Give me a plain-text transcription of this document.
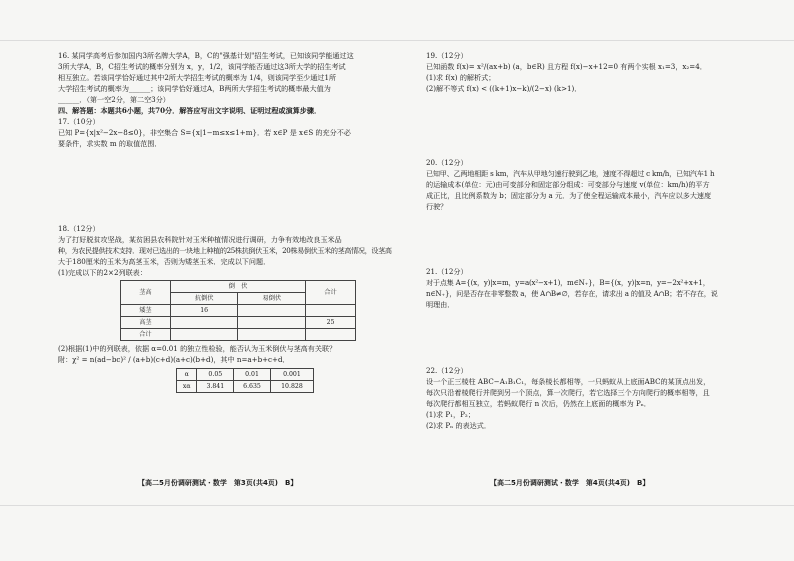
16. 某同学高考后参加国内3所名牌大学A，B，C的"强基计划"招生考试，已知该同学能通过这

3所大学A，B，C招生考试的概率分别为 x，y，1/2，该同学能否通过这3所大学的招生考试

相互独立。若该同学恰好通过其中2所大学招生考试的概率为 1/4，则该同学至少通过1所

大学招生考试的概率为______；该同学恰好通过A，B两所大学招生考试的概率最大值为

______．（第一空2分，第二空3分）

四、解答题：本题共6小题，共70分．解答应写出文字说明、证明过程或演算步骤．

17.（10分）

已知 P={x|x²−2x−8≤0}，非空集合 S={x|1−m≤x≤1+m}．若 x∈P 是 x∈S 的充分不必

要条件，求实数 m 的取值范围．

18.（12分）

为了打好脱贫攻坚战，某贫困县农科院针对玉米种植情况进行调研，力争有效地改良玉米品

种，为农民提供技术支持．现对已选出的一块地上种植的25株抗倒伏玉米，20株易倒伏玉米的茎高情况，设茎高

大于180厘米的玉米为高茎玉米，否则为矮茎玉米．完成以下问题．

(1)完成以下的2×2列联表：

茎高	倒　伏		合计
	抗倒伏	易倒伏	
矮茎	16		
高茎			25
合计			

(2)根据(1)中的列联表，依据 α=0.01 的独立性检验，能否认为玉米倒伏与茎高有关联？

附：χ² = n(ad−bc)² / (a+b)(c+d)(a+c)(b+d)，其中 n=a+b+c+d．

α	0.05	0.01	0.001
xα	3.841	6.635	10.828

19.（12分）

已知函数 f(x)= x²/(ax+b) (a，b∈R) 且方程 f(x)−x+12=0 有两个实根 x₁=3，x₂=4．

(1)求 f(x) 的解析式；

(2)解不等式 f(x) < ((k+1)x−k)/(2−x) (k>1)．

20.（12分）

已知甲、乙两地相距 s km，汽车从甲地匀速行驶到乙地，速度不得超过 c km/h，已知汽车1 h

的运输成本(单位：元)由可变部分和固定部分组成：可变部分与速度 v(单位：km/h)的平方

成正比，且比例系数为 b；固定部分为 a 元．为了使全程运输成本最小，汽车应以多大速度

行驶？

21.（12分）

对于点集 A={(x，y)|x=m，y=a(x²−x+1)，m∈N₊}，B={(x，y)|x=n，y=−2x²+x+1，

n∈N₊}，问是否存在非零整数 a，使 A∩B≠∅，若存在，请求出 a 的值及 A∩B；若不存在，说

明理由．

22.（12分）

设一个正三棱柱 ABC−A₁B₁C₁，每条棱长都相等，一只蚂蚁从上底面ABC的某顶点出发，

每次只沿着棱爬行并爬到另一个顶点，算一次爬行，若它选择三个方向爬行的概率相等，且

每次爬行都相互独立，若蚂蚁爬行 n 次后，仍然在上底面的概率为 Pₙ．

(1)求 P₁，P₂；

(2)求 Pₙ 的表达式．

【高二5月份调研测试・数学　第3页(共4页)　B】	【高二5月份调研测试・数学　第4页(共4页)　B】
